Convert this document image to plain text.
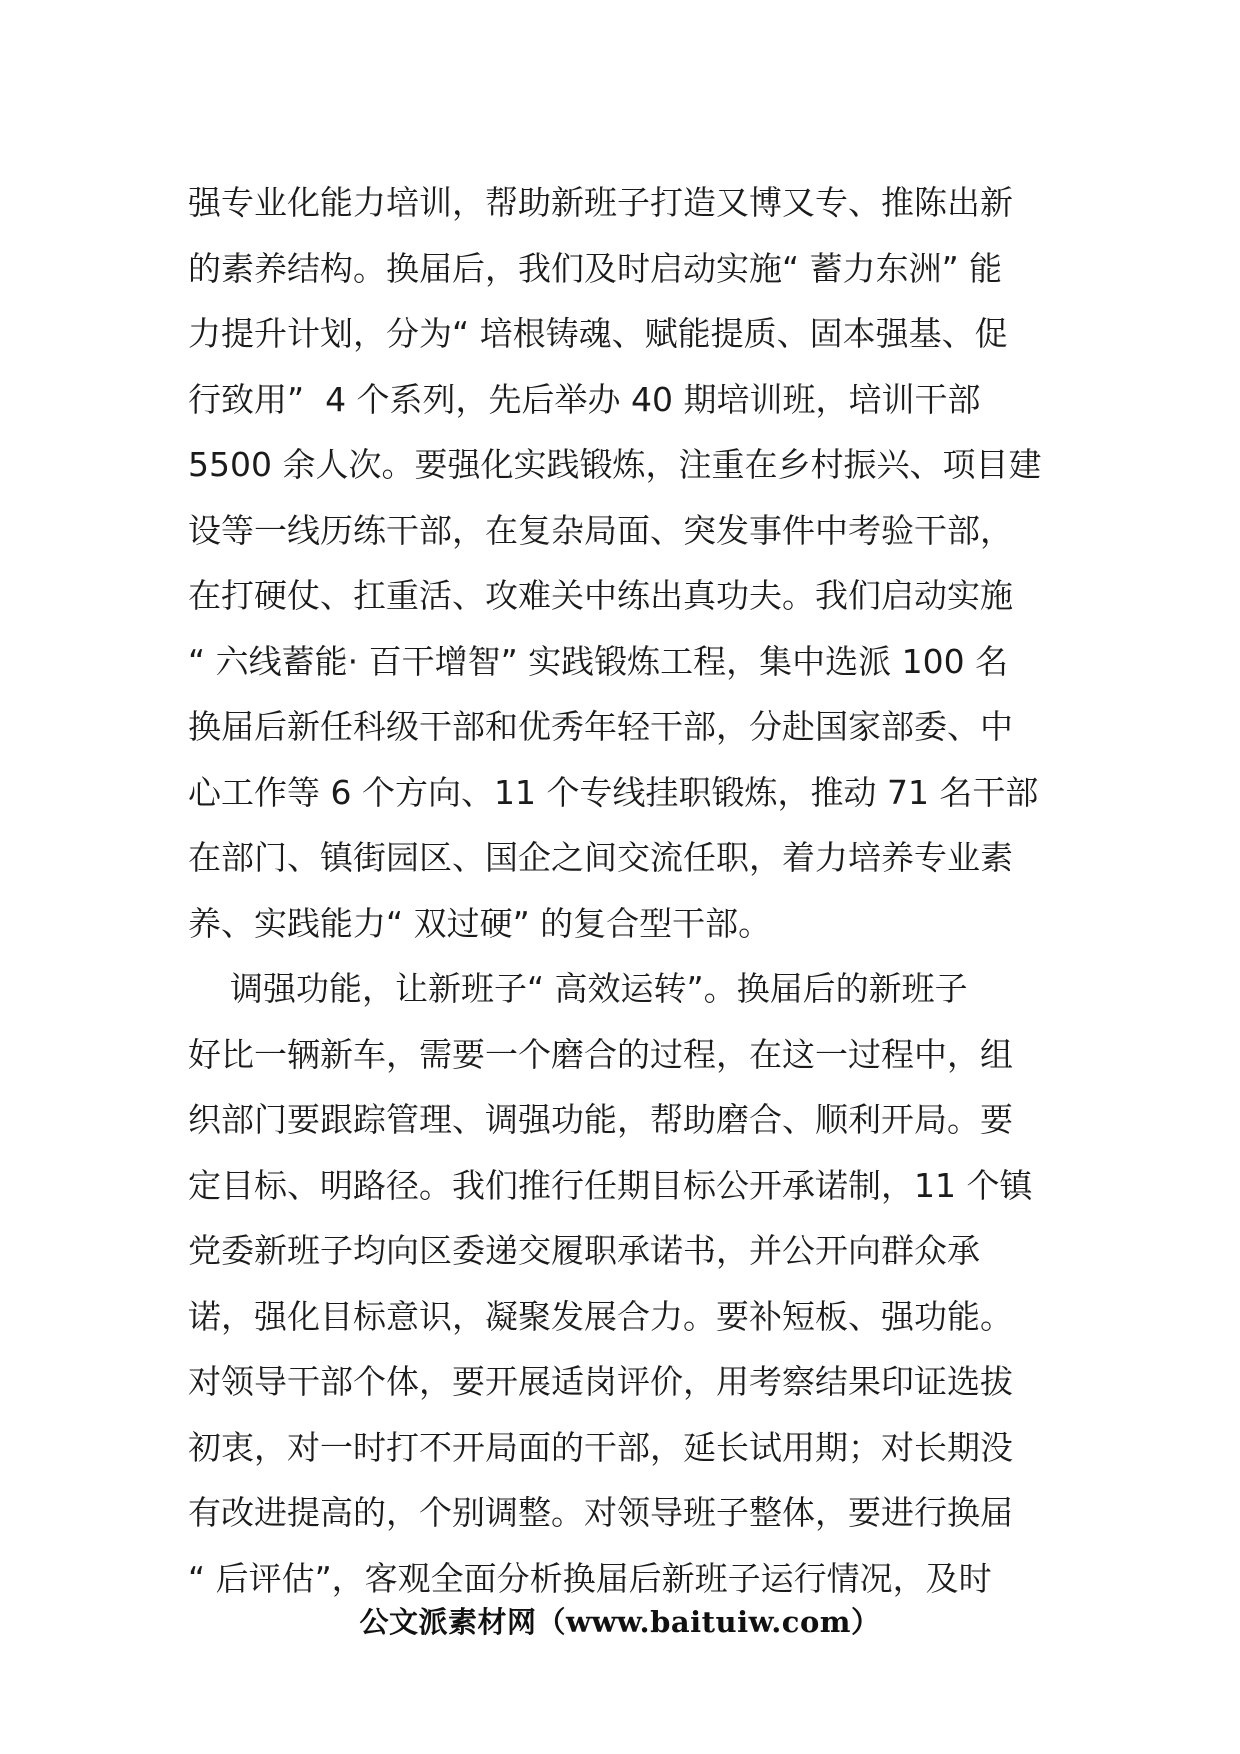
强专业化能力培训，帮助新班子打造又博又专、推陈出新
的素养结构。换届后，我们及时启动实施“ 蓄力东洲” 能
力提升计划，分为“ 培根铸魂、赋能提质、固本强基、促
行致用”  4 个系列，先后举办 40 期培训班，培训干部
5500 余人次。要强化实践锻炼，注重在乡村振兴、项目建
设等一线历练干部，在复杂局面、突发事件中考验干部，
在打硬仗、扛重活、攻难关中练出真功夫。我们启动实施
“ 六线蓄能· 百干增智” 实践锻炼工程，集中选派 100 名
换届后新任科级干部和优秀年轻干部，分赴国家部委、中
心工作等 6 个方向、11 个专线挂职锻炼，推动 71 名干部
在部门、镇街园区、国企之间交流任职，着力培养专业素
养、实践能力“ 双过硬” 的复合型干部。
调强功能，让新班子“ 高效运转”。换届后的新班子
好比一辆新车，需要一个磨合的过程，在这一过程中，组
织部门要跟踪管理、调强功能，帮助磨合、顺利开局。要
定目标、明路径。我们推行任期目标公开承诺制，11 个镇
党委新班子均向区委递交履职承诺书，并公开向群众承
诺，强化目标意识，凝聚发展合力。要补短板、强功能。
对领导干部个体，要开展适岗评价，用考察结果印证选拔
初衷，对一时打不开局面的干部，延长试用期；对长期没
有改进提高的，个别调整。对领导班子整体，要进行换届
“ 后评估”，客观全面分析换届后新班子运行情况，及时
公文派素材网（www.baituiw.com）
